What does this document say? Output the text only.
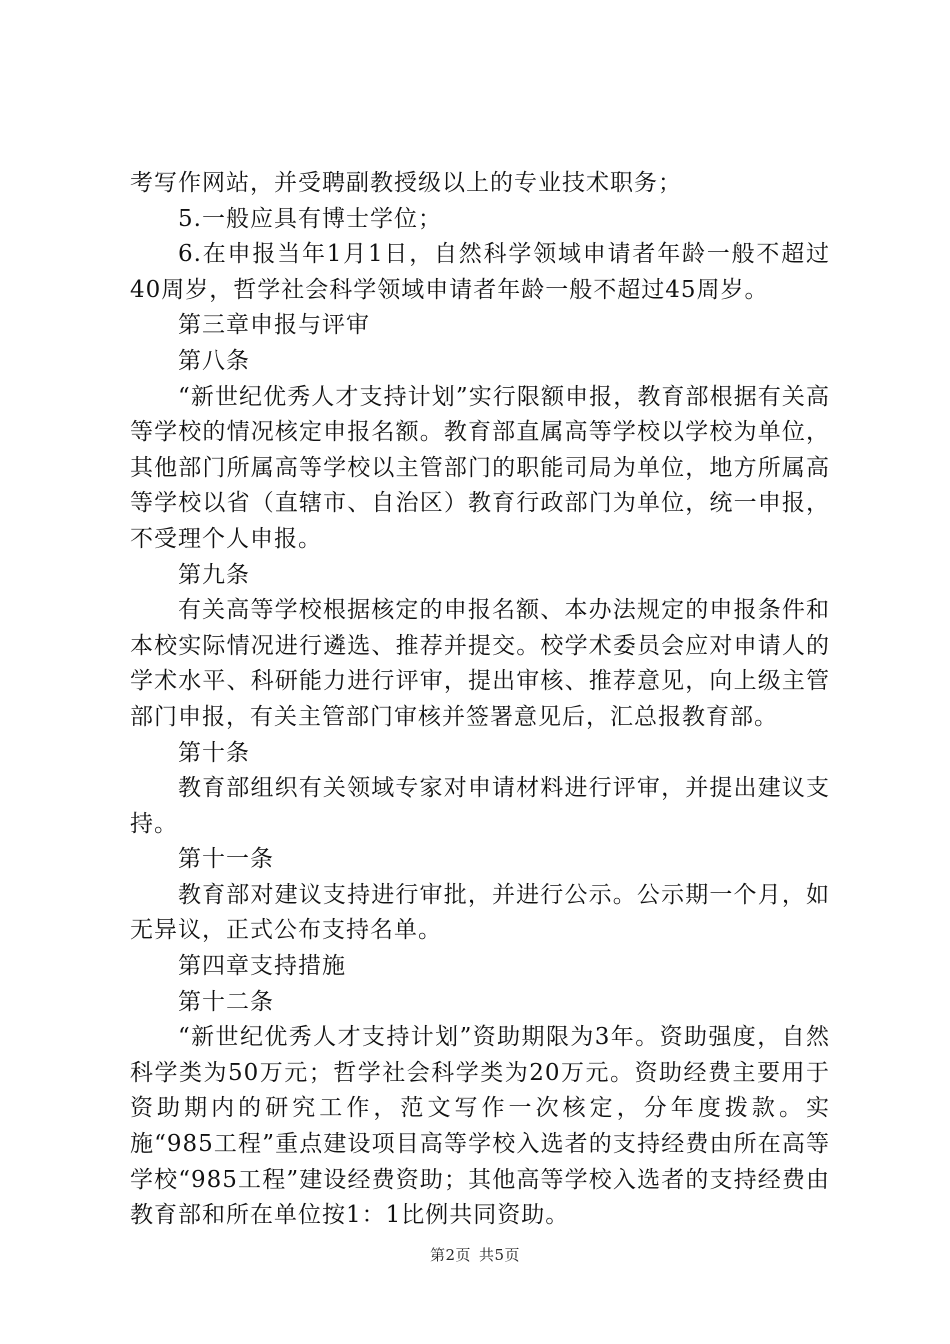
考写作网站，并受聘副教授级以上的专业技术职务；

5.一般应具有博士学位；

6.在申报当年1月1日，自然科学领域申请者年龄一般不超过40周岁，哲学社会科学领域申请者年龄一般不超过45周岁。

第三章申报与评审

第八条

“新世纪优秀人才支持计划”实行限额申报，教育部根据有关高等学校的情况核定申报名额。教育部直属高等学校以学校为单位，其他部门所属高等学校以主管部门的职能司局为单位，地方所属高等学校以省（直辖市、自治区）教育行政部门为单位，统一申报，不受理个人申报。

第九条

有关高等学校根据核定的申报名额、本办法规定的申报条件和本校实际情况进行遴选、推荐并提交。校学术委员会应对申请人的学术水平、科研能力进行评审，提出审核、推荐意见，向上级主管部门申报，有关主管部门审核并签署意见后，汇总报教育部。

第十条

教育部组织有关领域专家对申请材料进行评审，并提出建议支持。

第十一条

教育部对建议支持进行审批，并进行公示。公示期一个月，如无异议，正式公布支持名单。

第四章支持措施

第十二条

“新世纪优秀人才支持计划”资助期限为3年。资助强度，自然科学类为50万元；哲学社会科学类为20万元。资助经费主要用于资助期内的研究工作，范文写作一次核定，分年度拨款。实施“985工程”重点建设项目高等学校入选者的支持经费由所在高等学校“985工程”建设经费资助；其他高等学校入选者的支持经费由教育部和所在单位按1：1比例共同资助。

第2页 共5页
